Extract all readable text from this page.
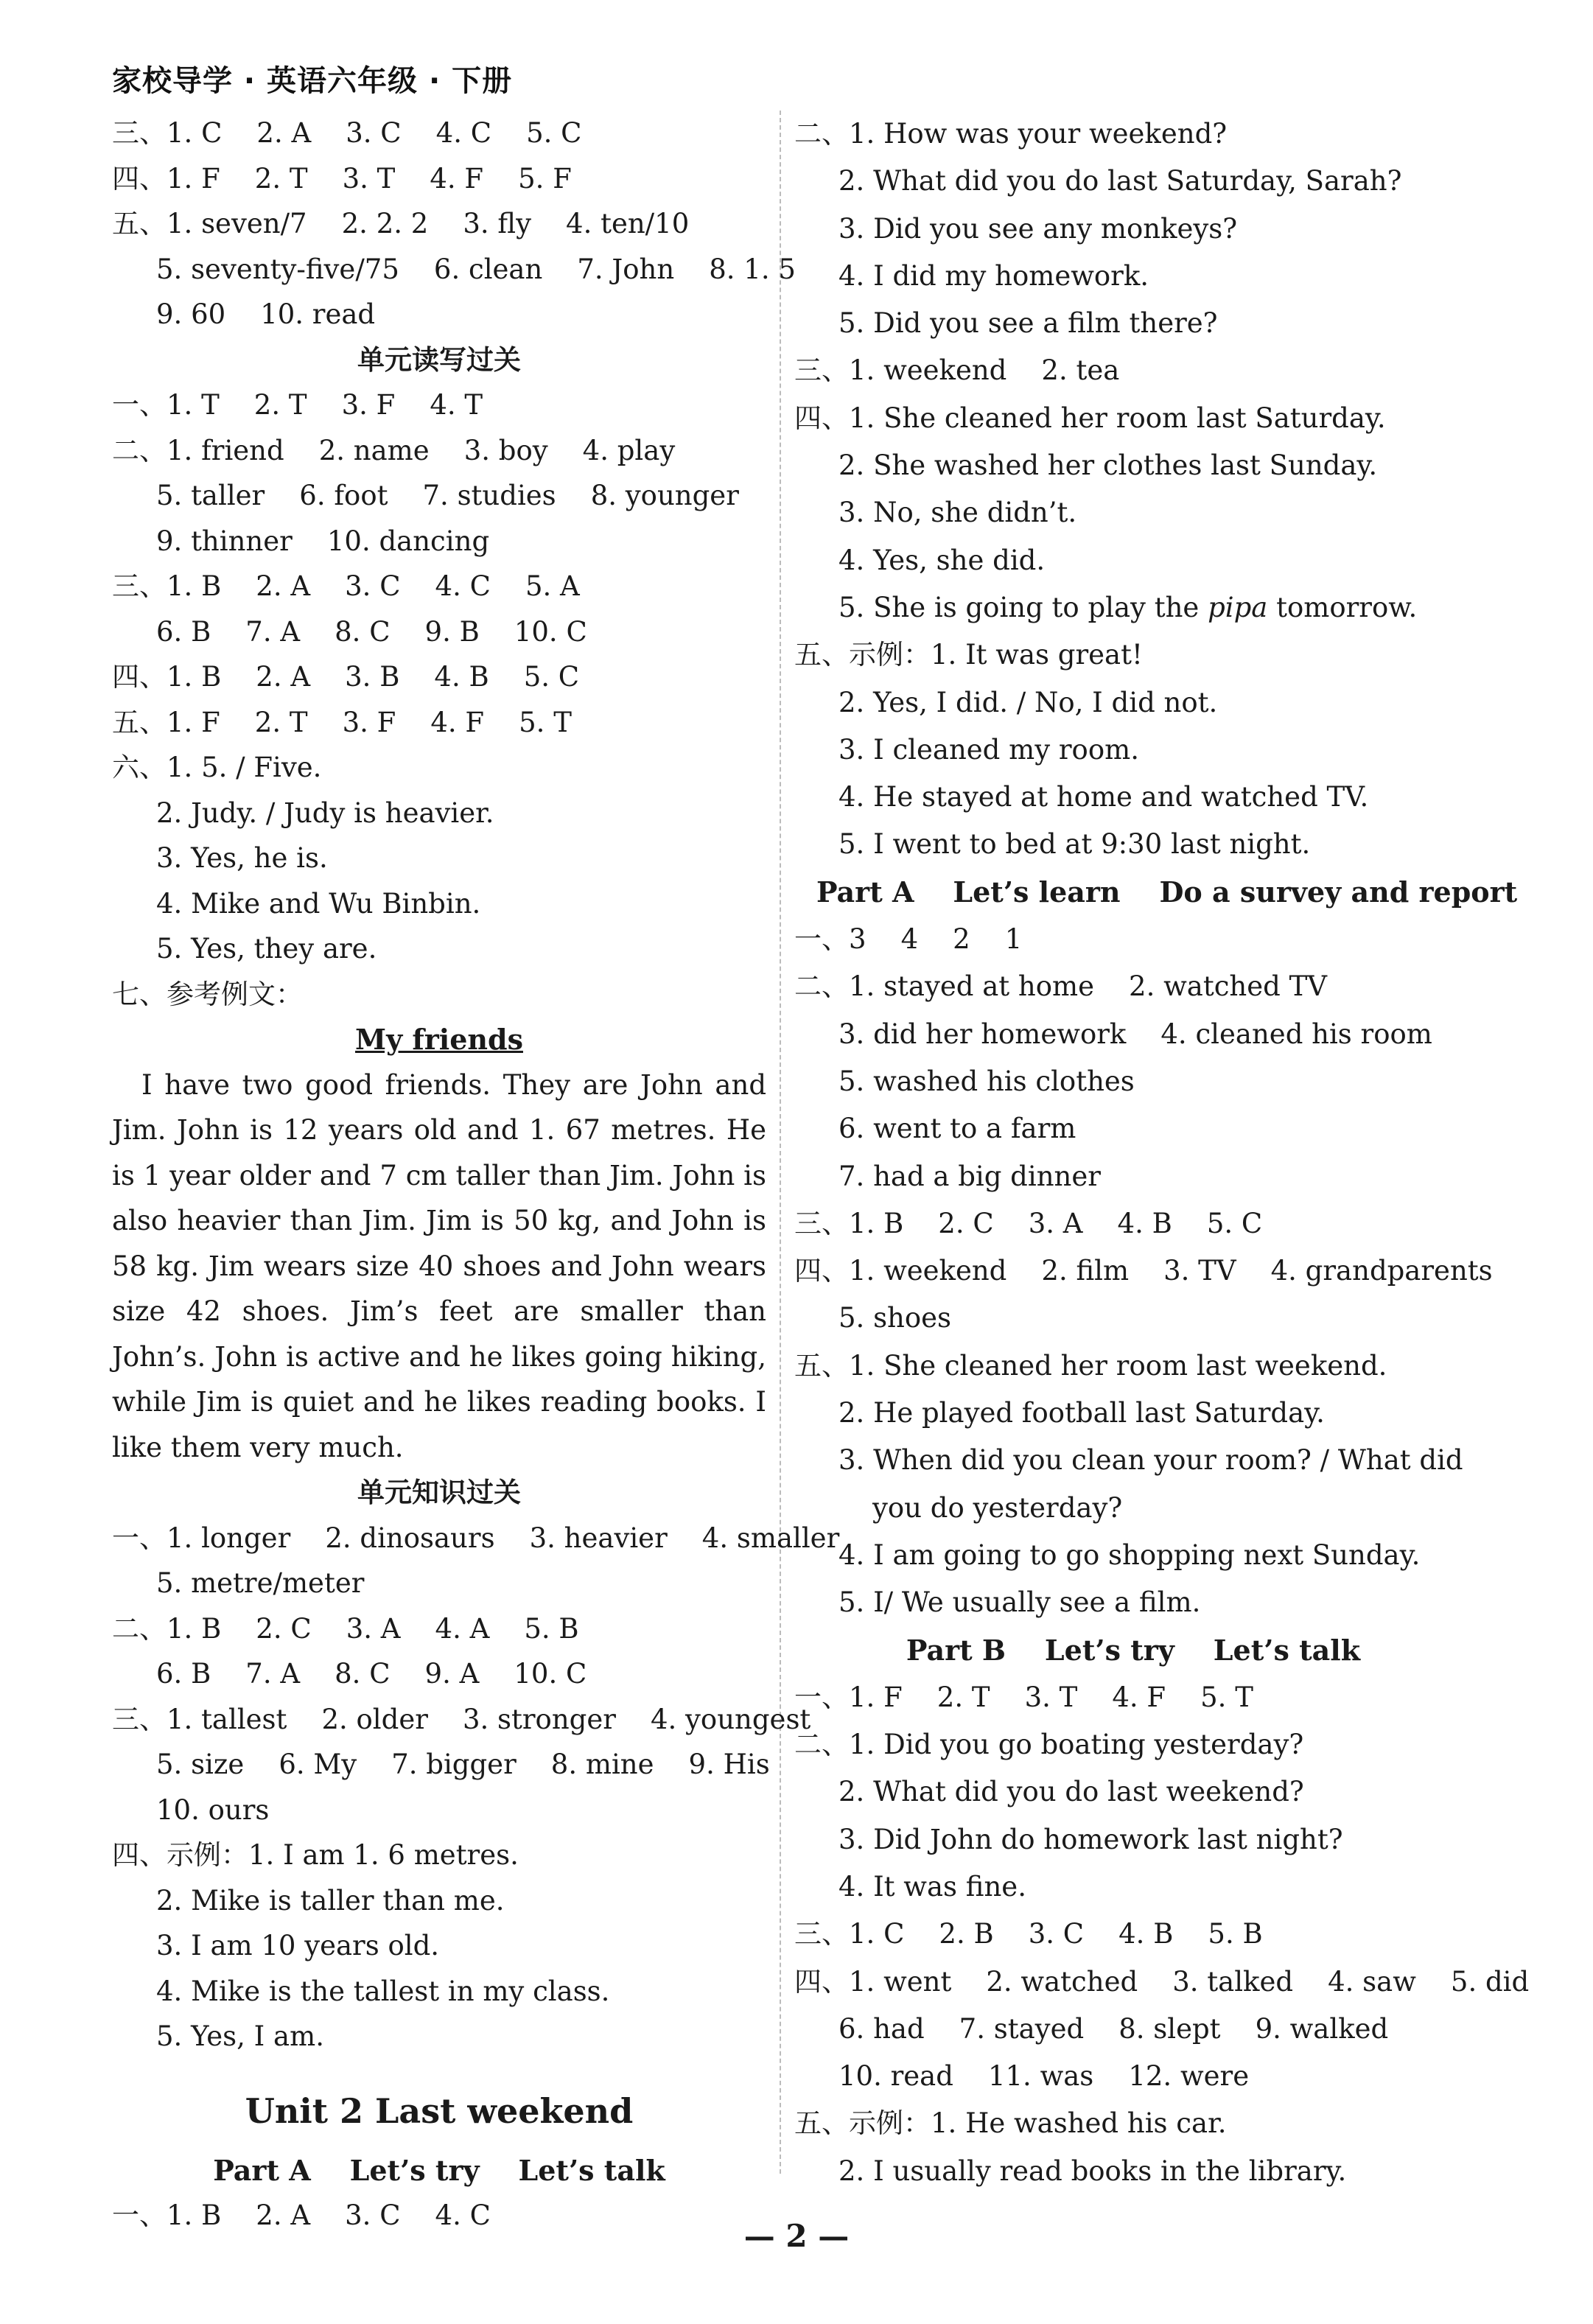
家校导学 · 英语六年级 · 下册
三、1. C    2. A    3. C    4. C    5. C
四、1. F    2. T    3. T    4. F    5. F
五、1. seven/7    2. 2. 2    3. fly    4. ten/10
5. seventy-five/75    6. clean    7. John    8. 1. 5
9. 60    10. read
单元读写过关
一、1. T    2. T    3. F    4. T
二、1. friend    2. name    3. boy    4. play
5. taller    6. foot    7. studies    8. younger
9. thinner    10. dancing
三、1. B    2. A    3. C    4. C    5. A
6. B    7. A    8. C    9. B    10. C
四、1. B    2. A    3. B    4. B    5. C
五、1. F    2. T    3. F    4. F    5. T
六、1. 5. / Five.
2. Judy. / Judy is heavier.
3. Yes, he is.
4. Mike and Wu Binbin.
5. Yes, they are.
七、参考例文：
My friends
I have two good friends. They are John and Jim. John is 12 years old and 1. 67 metres. He is 1 year older and 7 cm taller than Jim. John is also heavier than Jim. Jim is 50 kg, and John is 58 kg. Jim wears size 40 shoes and John wears size 42 shoes. Jim’s feet are smaller than John’s. John is active and he likes going hiking, while Jim is quiet and he likes reading books. I like them very much.
单元知识过关
一、1. longer    2. dinosaurs    3. heavier    4. smaller
5. metre/meter
二、1. B    2. C    3. A    4. A    5. B
6. B    7. A    8. C    9. A    10. C
三、1. tallest    2. older    3. stronger    4. youngest
5. size    6. My    7. bigger    8. mine    9. His
10. ours
四、示例：1. I am 1. 6 metres.
2. Mike is taller than me.
3. I am 10 years old.
4. Mike is the tallest in my class.
5. Yes, I am.
Unit 2 Last weekend
Part A    Let’s try    Let’s talk
一、1. B    2. A    3. C    4. C
二、1. How was your weekend?
2. What did you do last Saturday, Sarah?
3. Did you see any monkeys?
4. I did my homework.
5. Did you see a film there?
三、1. weekend    2. tea
四、1. She cleaned her room last Saturday.
2. She washed her clothes last Sunday.
3. No, she didn’t.
4. Yes, she did.
5. She is going to play the pipa tomorrow.
五、示例：1. It was great!
2. Yes, I did. / No, I did not.
3. I cleaned my room.
4. He stayed at home and watched TV.
5. I went to bed at 9:30 last night.
Part A    Let’s learn    Do a survey and report
一、3    4    2    1
二、1. stayed at home    2. watched TV
3. did her homework    4. cleaned his room
5. washed his clothes
6. went to a farm
7. had a big dinner
三、1. B    2. C    3. A    4. B    5. C
四、1. weekend    2. film    3. TV    4. grandparents
5. shoes
五、1. She cleaned her room last weekend.
2. He played football last Saturday.
3. When did you clean your room? / What did
you do yesterday?
4. I am going to go shopping next Sunday.
5. I/ We usually see a film.
Part B    Let’s try    Let’s talk
一、1. F    2. T    3. T    4. F    5. T
二、1. Did you go boating yesterday?
2. What did you do last weekend?
3. Did John do homework last night?
4. It was fine.
三、1. C    2. B    3. C    4. B    5. B
四、1. went    2. watched    3. talked    4. saw    5. did
6. had    7. stayed    8. slept    9. walked
10. read    11. was    12. were
五、示例：1. He washed his car.
2. I usually read books in the library.
— 2 —
